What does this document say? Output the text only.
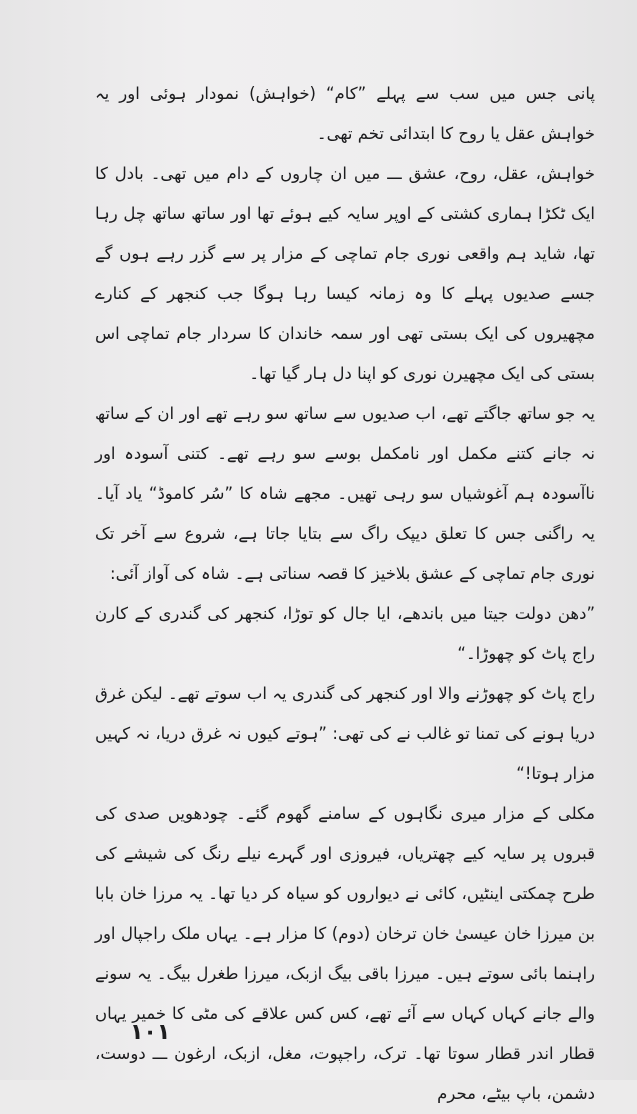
پانی جس میں سب سے پہلے ”کام“ (خواہش) نمودار ہوئی اور یہ خواہش عقل یا روح کا ابتدائی تخم تھی۔

خواہش، عقل، روح، عشق ـــ میں ان چاروں کے دام میں تھی۔ بادل کا ایک ٹکڑا ہماری کشتی کے اوپر سایہ کیے ہوئے تھا اور ساتھ ساتھ چل رہا تھا، شاید ہم واقعی نوری جام تماچی کے مزار پر سے گزر رہے ہوں گے جسے صدیوں پہلے کا وہ زمانہ کیسا رہا ہوگا جب کنجھر کے کنارے مچھیروں کی ایک بستی تھی اور سمہ خاندان کا سردار جام تماچی اس بستی کی ایک مچھیرن نوری کو اپنا دل ہار گیا تھا۔

یہ جو ساتھ جاگتے تھے، اب صدیوں سے ساتھ سو رہے تھے اور ان کے ساتھ نہ جانے کتنے مکمل اور نامکمل بوسے سو رہے تھے۔ کتنی آسودہ اور ناآسودہ ہم آغوشیاں سو رہی تھیں۔ مجھے شاہ کا ”سُر کاموڈ“ یاد آیا۔ یہ راگنی جس کا تعلق دیپک راگ سے بتایا جاتا ہے، شروع سے آخر تک نوری جام تماچی کے عشق بلاخیز کا قصہ سناتی ہے۔ شاہ کی آواز آئی:

”دھن دولت جیتا میں باندھے، ایا جال کو توڑا، کنجھر کی گندری کے کارن راج پاٹ کو چھوڑا۔“

راج پاٹ کو چھوڑنے والا اور کنجھر کی گندری یہ اب سوتے تھے۔ لیکن غرق دریا ہونے کی تمنا تو غالب نے کی تھی: ”ہوتے کیوں نہ غرق دریا، نہ کہیں مزار ہوتا!“

مکلی کے مزار میری نگاہوں کے سامنے گھوم گئے۔ چودھویں صدی کی قبروں پر سایہ کیے چھتریاں، فیروزی اور گہرے نیلے رنگ کی شیشے کی طرح چمکتی اینٹیں، کائی نے دیواروں کو سیاہ کر دیا تھا۔ یہ مرزا خان بابا بن میرزا خان عیسیٰ خان ترخان (دوم) کا مزار ہے۔ یہاں ملک راجپال اور راہنما بائی سوتے ہیں۔ میرزا باقی بیگ ازبک، میرزا طغرل بیگ۔ یہ سونے والے جانے کہاں کہاں سے آئے تھے، کس کس علاقے کی مٹی کا خمیر یہاں قطار اندر قطار سوتا تھا۔ ترک، راجپوت، مغل، ازبک، ارغون ـــ دوست، دشمن، باپ بیٹے، محرم

۱۰۱
